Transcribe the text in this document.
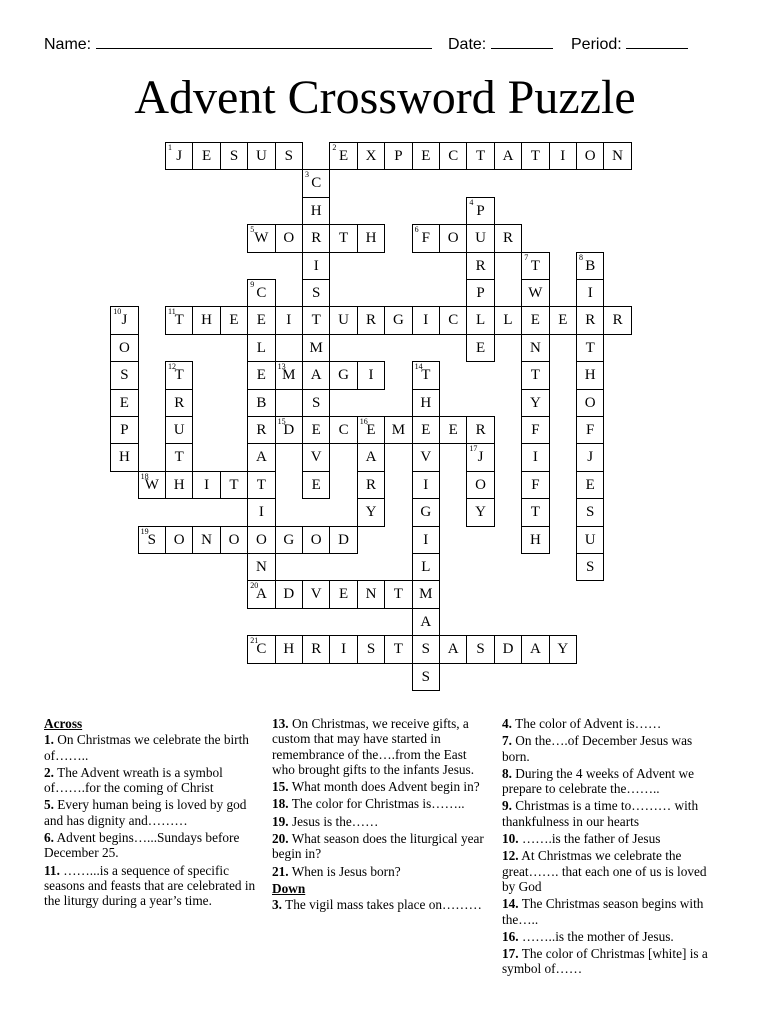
Name:	Date:	Period:
Advent Crossword Puzzle
1
J	E	S	U	S
2
E	X	P	E	C	T	A	T	I	O	N
3
C
H
R
I
S
T
M
A
S
E
V
E
4
P
U
R
P
L
E
5
W O	T	H
6
F	O	R
7
T
W
E
N
T
Y
F
I
F
T
H
8
B
I
R
T
H
O
F
J
E
S
U
S
9
C
E
L
E
B
R
A
T
I
O
N
10
J
O
S
E
P
H
11
T	H	E	I	U	R	G	I	C	L	E	R
12
T
R
U
T
H
13
M	G	I
14
T
H
E
V
I
G
I
L
M
A
S
S
15
D	C
16
E	M	E	R
A
R
Y
17
J
O
Y
18
W	I	T
19
S	O	N	O	G	O	D
20
A	D	V	E	N	T
21
C	H	R	I	S	T	A	S	D	A	Y
Across
1. On Christmas we celebrate the birth of……..
2. The Advent wreath is a symbol of…….for the coming of Christ
5. Every human being is loved by god and has dignity and………
6. Advent begins…...Sundays before December 25.
11. ……...is a sequence of specific seasons and feasts that are celebrated in the liturgy during a year’s time.
13. On Christmas, we receive gifts, a custom that may have started in remembrance of the….from the East who brought gifts to the infants Jesus.
15. What month does Advent begin in?
18. The color for Christmas is……..
19. Jesus is the……
20. What season does the liturgical year begin in?
21. When is Jesus born?
Down
3. The vigil mass takes place on………
4. The color of Advent is……
7. On the….of December Jesus was born.
8. During the 4 weeks of Advent we prepare to celebrate the……..
9. Christmas is a time to……… with thankfulness in our hearts
10. …….is the father of Jesus
12. At Christmas we celebrate the great……. that each one of us is loved by God
14. The Christmas season begins with the…..
16. ……..is the mother of Jesus.
17. The color of Christmas [white] is a symbol of……
